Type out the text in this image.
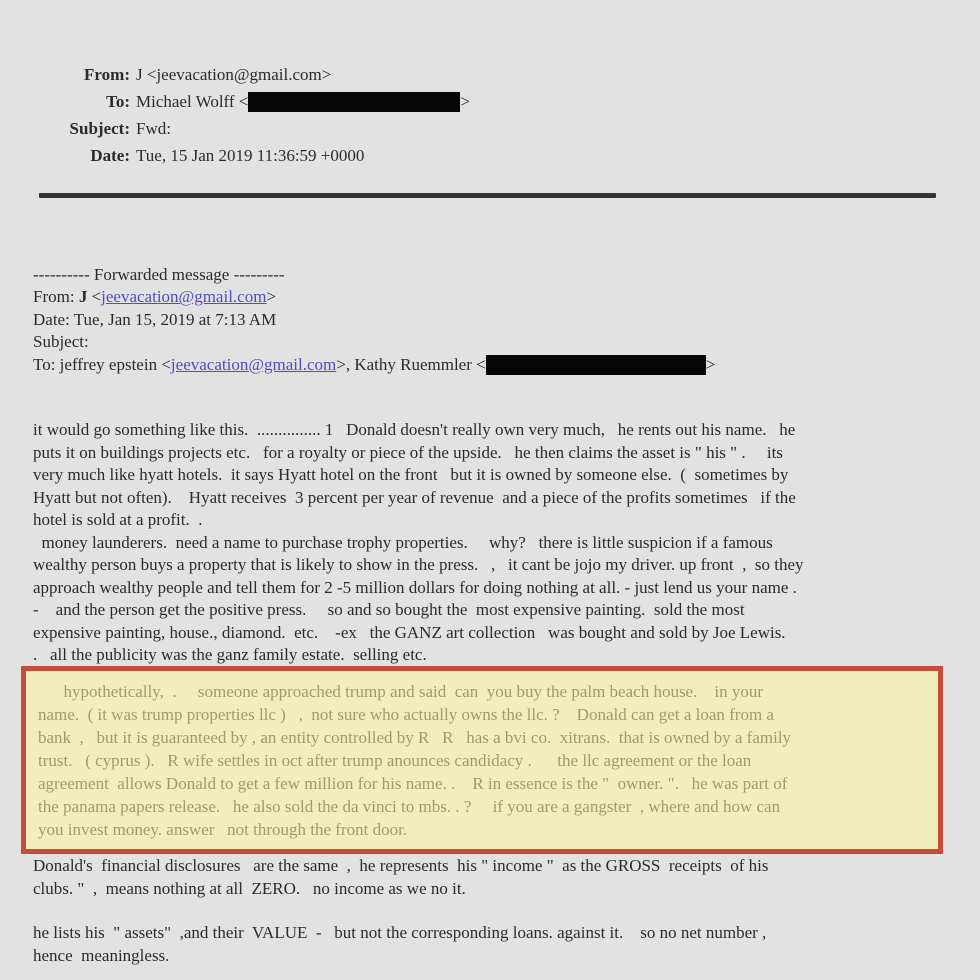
From: J <jeevacation@gmail.com>
To: Michael Wolff <	>
Subject: Fwd:
Date: Tue, 15 Jan 2019 11:36:59 +0000
---------- Forwarded message ---------
From: J <jeevacation@gmail.com>
Date: Tue, Jan 15, 2019 at 7:13 AM
Subject:
To: jeffrey epstein <jeevacation@gmail.com>, Kathy Ruemmler <	>
it would go something like this.  ............... 1   Donald doesn't really own very much,   he rents out his name.   he
puts it on buildings projects etc.   for a royalty or piece of the upside.   he then claims the asset is " his " .     its
very much like hyatt hotels.  it says Hyatt hotel on the front   but it is owned by someone else.  (  sometimes by
Hyatt but not often).    Hyatt receives  3 percent per year of revenue  and a piece of the profits sometimes   if the
hotel is sold at a profit.  .
money launderers.  need a name to purchase trophy properties.     why?   there is little suspicion if a famous
wealthy person buys a property that is likely to show in the press.   ,   it cant be jojo my driver. up front  ,  so they
approach wealthy people and tell them for 2 -5 million dollars for doing nothing at all. - just lend us your name .
-    and the person get the positive press.     so and so bought the  most expensive painting.  sold the most
expensive painting, house., diamond.  etc.    -ex   the GANZ art collection   was bought and sold by Joe Lewis.
.   all the publicity was the ganz family estate.  selling etc.
hypothetically,  .     someone approached trump and said  can  you buy the palm beach house.    in your
name.  ( it was trump properties llc )   ,  not sure who actually owns the llc. ?    Donald can get a loan from a
bank  ,   but it is guaranteed by , an entity controlled by R   R   has a bvi co.  xitrans.  that is owned by a family
trust.   ( cyprus ).   R wife settles in oct after trump anounces candidacy .      the llc agreement or the loan
agreement  allows Donald to get a few million for his name. .    R in essence is the "  owner. ".   he was part of
the panama papers release.   he also sold the da vinci to mbs. . ?     if you are a gangster  , where and how can
you invest money. answer   not through the front door.
Donald's  financial disclosures   are the same  ,  he represents  his " income "  as the GROSS  receipts  of his
clubs. "  ,  means nothing at all  ZERO.   no income as we no it.
he lists his  " assets"  ,and their  VALUE  -   but not the corresponding loans. against it.    so no net number ,
hence  meaningless.
